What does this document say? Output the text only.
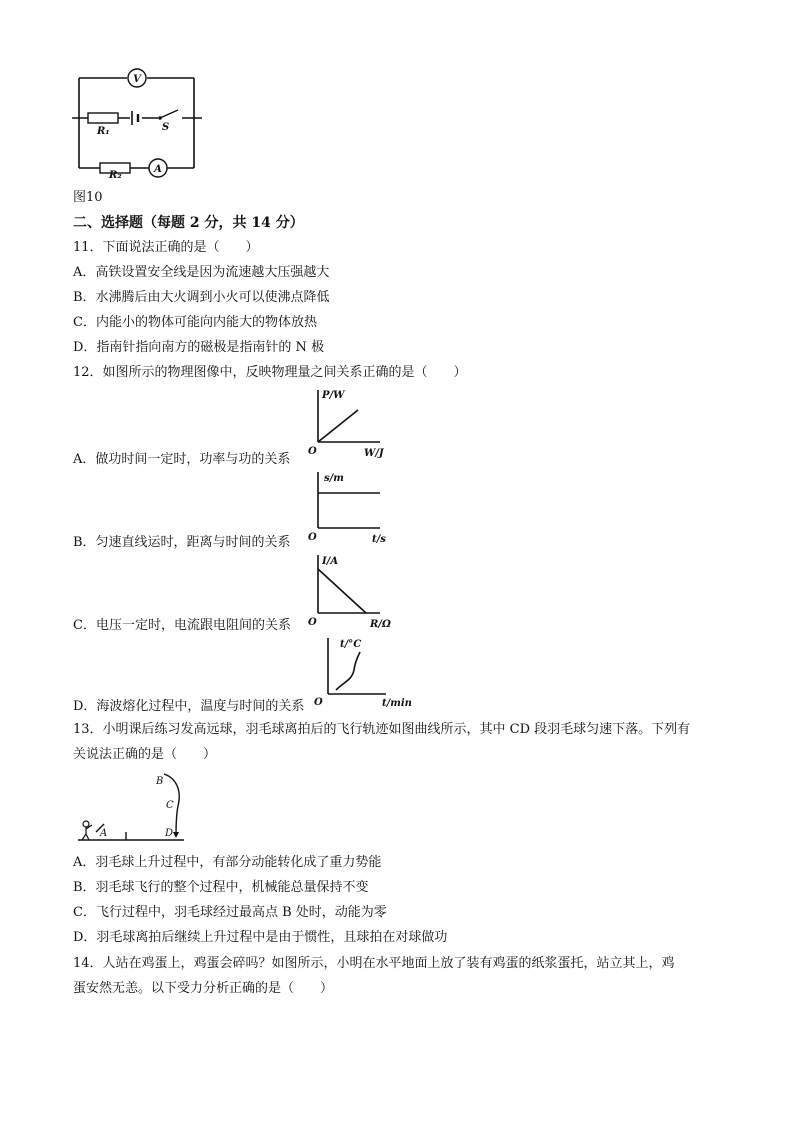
V
R₁	S
A
R₂
图10
二、选择题（每题 2 分，共 14 分）
11．下面说法正确的是（　　）
A．高铁设置安全线是因为流速越大压强越大
B．水沸腾后由大火调到小火可以使沸点降低
C．内能小的物体可能向内能大的物体放热
D．指南针指向南方的磁极是指南针的 N 极
12．如图所示的物理图像中，反映物理量之间关系正确的是（　　）
P/W
W/J
O
A．做功时间一定时，功率与功的关系
s/m
t/s
O
B．匀速直线运时，距离与时间的关系
I/A
R/Ω
O
C．电压一定时，电流跟电阻间的关系
t/°C
t/min
O
D．海波熔化过程中，温度与时间的关系
13．小明课后练习发高远球，羽毛球离拍后的飞行轨迹如图曲线所示，其中 CD 段羽毛球匀速下落。下列有
关说法正确的是（　　）
A
B
C
D
A．羽毛球上升过程中，有部分动能转化成了重力势能
B．羽毛球飞行的整个过程中，机械能总量保持不变
C．飞行过程中，羽毛球经过最高点 B 处时，动能为零
D．羽毛球离拍后继续上升过程中是由于惯性，且球拍在对球做功
14．人站在鸡蛋上，鸡蛋会碎吗？如图所示，小明在水平地面上放了装有鸡蛋的纸浆蛋托，站立其上，鸡
蛋安然无恙。以下受力分析正确的是（　　）
